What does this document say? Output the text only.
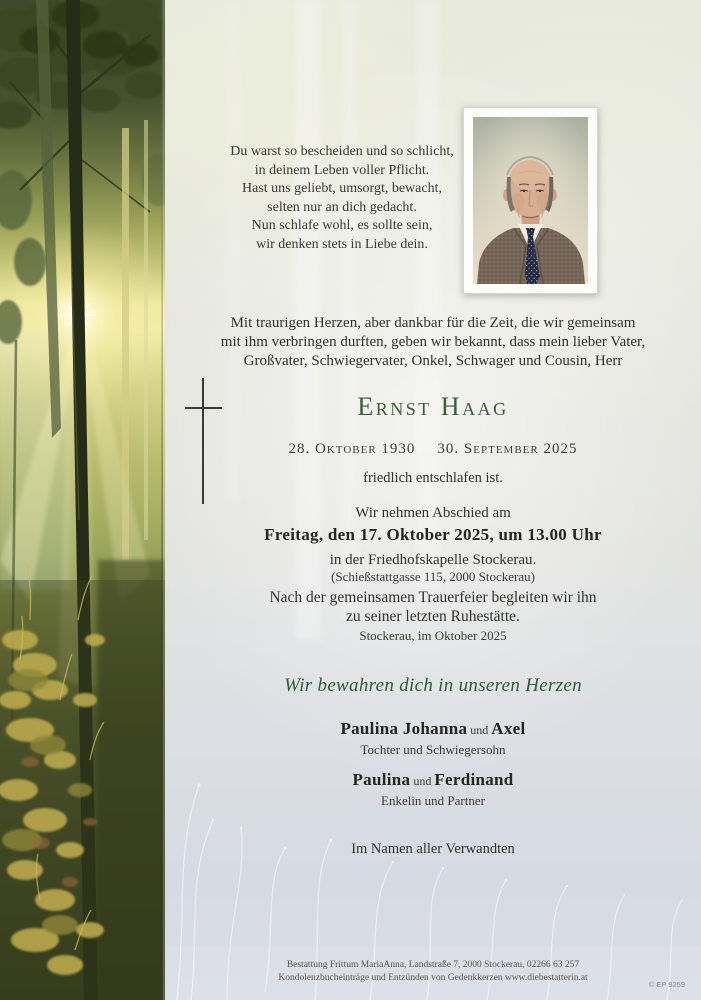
Du warst so bescheiden und so schlicht,
in deinem Leben voller Pflicht.
Hast uns geliebt, umsorgt, bewacht,
selten nur an dich gedacht.
Nun schlafe wohl, es sollte sein,
wir denken stets in Liebe dein.
Mit traurigen Herzen, aber dankbar für die Zeit, die wir gemeinsam
mit ihm verbringen durften, geben wir bekannt, dass mein lieber Vater,
Großvater, Schwiegervater, Onkel, Schwager und Cousin, Herr
Ernst Haag
28. Oktober 1930 30. September 2025
friedlich entschlafen ist.
Wir nehmen Abschied am
Freitag, den 17. Oktober 2025, um 13.00 Uhr
in der Friedhofskapelle Stockerau.
(Schießstattgasse 115, 2000 Stockerau)
Nach der gemeinsamen Trauerfeier begleiten wir ihn
zu seiner letzten Ruhestätte.
Stockerau, im Oktober 2025
Wir bewahren dich in unseren Herzen
Paulina Johanna und Axel
Tochter und Schwiegersohn
Paulina und Ferdinand
Enkelin und Partner
Im Namen aller Verwandten
Bestattung Frittum MariaAnna, Landstraße 7, 2000 Stockerau, 02266 63 257
Kondolenzbucheinträge und Entzünden von Gedenkkerzen www.diebestatterin.at
© EP 9259
